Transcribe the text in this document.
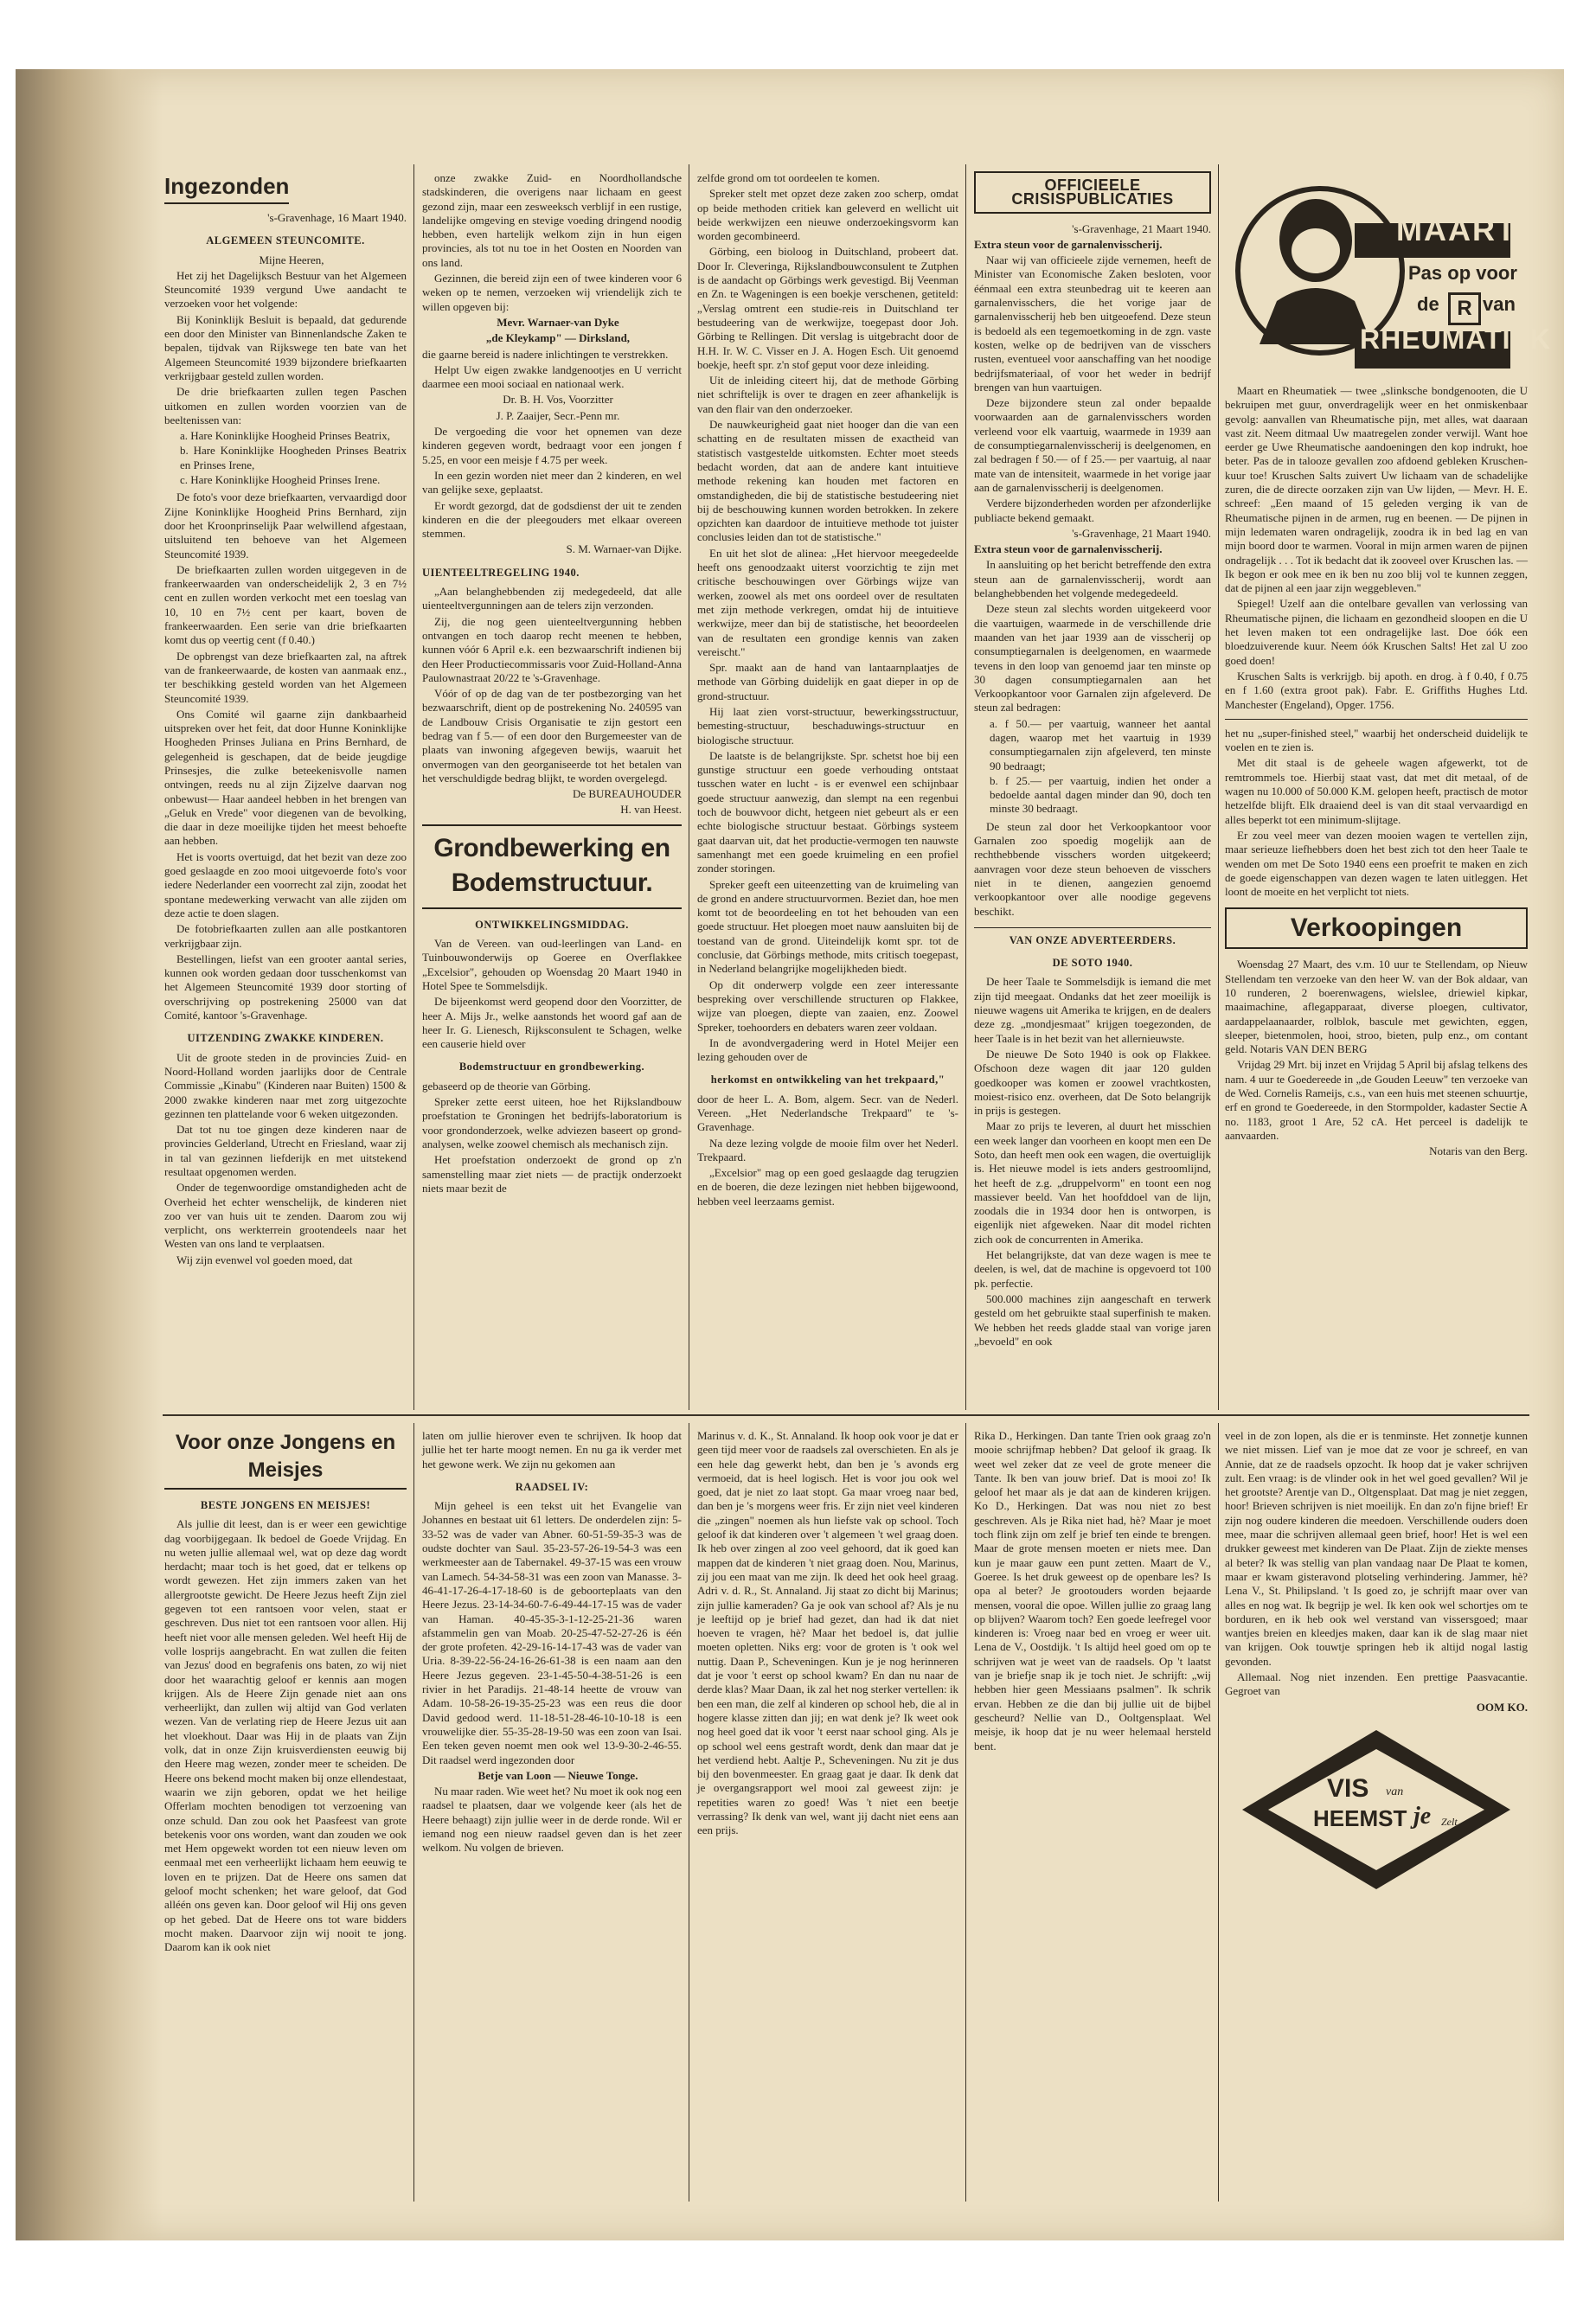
Ingezonden

's-Gravenhage, 16 Maart 1940.

ALGEMEEN STEUNCOMITE.

Mijne Heeren,

Het zij het Dagelijksch Bestuur van het Algemeen Steuncomité 1939 vergund Uwe aandacht te verzoeken voor het volgende:

Bij Koninklijk Besluit is bepaald, dat gedurende een door den Minister van Binnenlandsche Zaken te bepalen, tijdvak van Rijkswege ten bate van het Algemeen Steuncomité 1939 bijzondere briefkaarten verkrijgbaar gesteld zullen worden.

De drie briefkaarten zullen tegen Paschen uitkomen en zullen worden voorzien van de beeltenissen van:

a. Hare Koninklijke Hoogheid Prinses Beatrix,
b. Hare Koninklijke Hoogheden Prinses Beatrix en Prinses Irene,
c. Hare Koninklijke Hoogheid Prinses Irene.

De foto's voor deze briefkaarten, vervaardigd door Zijne Koninklijke Hoogheid Prins Bernhard, zijn door het Kroonprinselijk Paar welwillend afgestaan, uitsluitend ten behoeve van het Algemeen Steuncomité 1939.

De briefkaarten zullen worden uitgegeven in de frankeerwaarden van onderscheidelijk 2, 3 en 7½ cent en zullen worden verkocht met een toeslag van 10, 10 en 7½ cent per kaart, boven de frankeerwaarden. Een serie van drie briefkaarten komt dus op veertig cent (f 0.40.)

De opbrengst van deze briefkaarten zal, na aftrek van de frankeerwaarde, de kosten van aanmaak enz., ter beschikking gesteld worden van het Algemeen Steuncomité 1939.

Ons Comité wil gaarne zijn dankbaarheid uitspreken over het feit, dat door Hunne Koninklijke Hoogheden Prinses Juliana en Prins Bernhard, de gelegenheid is geschapen, dat de beide jeugdige Prinsesjes, die zulke beteekenisvolle namen ontvingen, reeds nu al zijn Zijzelve daarvan nog onbewust— Haar aandeel hebben in het brengen van „Geluk en Vrede" voor diegenen van de bevolking, die daar in deze moeilijke tijden het meest behoefte aan hebben.

Het is voorts overtuigd, dat het bezit van deze zoo goed geslaagde en zoo mooi uitgevoerde foto's voor iedere Nederlander een voorrecht zal zijn, zoodat het spontane medewerking verwacht van alle zijden om deze actie te doen slagen.

De fotobriefkaarten zullen aan alle postkantoren verkrijgbaar zijn.

Bestellingen, liefst van een grooter aantal series, kunnen ook worden gedaan door tusschenkomst van het Algemeen Steuncomité 1939 door storting of overschrijving op postrekening 25000 van dat Comité, kantoor 's-Gravenhage.

UITZENDING ZWAKKE KINDEREN.

Uit de groote steden in de provincies Zuid- en Noord-Holland worden jaarlijks door de Centrale Commissie „Kinabu" (Kinderen naar Buiten) 1500 & 2000 zwakke kinderen naar met zorg uitgezochte gezinnen ten plattelande voor 6 weken uitgezonden.

Dat tot nu toe gingen deze kinderen naar de provincies Gelderland, Utrecht en Friesland, waar zij in tal van gezinnen liefderijk en met uitstekend resultaat opgenomen werden.

Onder de tegenwoordige omstandigheden acht de Overheid het echter wenschelijk, de kinderen niet zoo ver van huis uit te zenden. Daarom zou wij verplicht, ons werkterrein grootendeels naar het Westen van ons land te verplaatsen.

Wij zijn evenwel vol goeden moed, dat

onze zwakke Zuid- en Noordhollandsche stadskinderen, die overigens naar lichaam en geest gezond zijn, maar een zesweeksch verblijf in een rustige, landelijke omgeving en stevige voeding dringend noodig hebben, even hartelijk welkom zijn in hun eigen provincies, als tot nu toe in het Oosten en Noorden van ons land.

Gezinnen, die bereid zijn een of twee kinderen voor 6 weken op te nemen, verzoeken wij vriendelijk zich te willen opgeven bij:

Mevr. Warnaer-van Dyke

„de Kleykamp" — Dirksland,

die gaarne bereid is nadere inlichtingen te verstrekken.

Helpt Uw eigen zwakke landgenootjes en U verricht daarmee een mooi sociaal en nationaal werk.

Dr. B. H. Vos, Voorzitter

J. P. Zaaijer, Secr.-Penn mr.

De vergoeding die voor het opnemen van deze kinderen gegeven wordt, bedraagt voor een jongen f 5.25, en voor een meisje f 4.75 per week.

In een gezin worden niet meer dan 2 kinderen, en wel van gelijke sexe, geplaatst.

Er wordt gezorgd, dat de godsdienst der uit te zenden kinderen en die der pleegouders met elkaar overeen stemmen.

S. M. Warnaer-van Dijke.

UIENTEELTREGELING 1940.

„Aan belanghebbenden zij medegedeeld, dat alle uienteeltvergunningen aan de telers zijn verzonden.

Zij, die nog geen uienteeltvergunning hebben ontvangen en toch daarop recht meenen te hebben, kunnen vóór 6 April e.k. een bezwaarschrift indienen bij den Heer Productiecommissaris voor Zuid-Holland-Anna Paulownastraat 20/22 te 's-Gravenhage.

Vóór of op de dag van de ter postbezorging van het bezwaarschrift, dient op de postrekening No. 240595 van de Landbouw Crisis Organisatie te zijn gestort een bedrag van f 5.— of een door den Burgemeester van de plaats van inwoning afgegeven bewijs, waaruit het onvermogen van den georganiseerde tot het betalen van het verschuldigde bedrag blijkt, te worden overgelegd.

De BUREAUHOUDER

H. van Heest.

Grondbewerking en Bodemstructuur.
ONTWIKKELINGSMIDDAG.

Van de Vereen. van oud-leerlingen van Land- en Tuinbouwonderwijs op Goeree en Overflakkee „Excelsior", gehouden op Woensdag 20 Maart 1940 in Hotel Spee te Sommelsdijk.

De bijeenkomst werd geopend door den Voorzitter, de heer A. Mijs Jr., welke aanstonds het woord gaf aan de heer Ir. G. Lienesch, Rijksconsulent te Schagen, welke een causerie hield over

Bodemstructuur en grondbewerking.

gebaseerd op de theorie van Görbing.

Spreker zette eerst uiteen, hoe het Rijkslandbouw proefstation te Groningen het bedrijfs-laboratorium is voor grondonderzoek, welke adviezen baseert op grond-analysen, welke zoowel chemisch als mechanisch zijn.

Het proefstation onderzoekt de grond op z'n samenstelling maar ziet niets — de practijk onderzoekt niets maar bezit de

zelfde grond om tot oordeelen te komen.

Spreker stelt met opzet deze zaken zoo scherp, omdat op beide methoden critiek kan geleverd en wellicht uit beide werkwijzen een nieuwe onderzoekingsvorm kan worden gecombineerd.

Görbing, een bioloog in Duitschland, probeert dat. Door Ir. Cleveringa, Rijkslandbouwconsulent te Zutphen is de aandacht op Görbings werk gevestigd. Bij Veenman en Zn. te Wageningen is een boekje verschenen, getiteld: „Verslag omtrent een studie-reis in Duitschland ter bestudeering van de werkwijze, toegepast door Joh. Görbing te Rellingen. Dit verslag is uitgebracht door de H.H. Ir. W. C. Visser en J. A. Hogen Esch. Uit genoemd boekje, heeft spr. z'n stof geput voor deze inleiding.

Uit de inleiding citeert hij, dat de methode Görbing niet schriftelijk is over te dragen en zeer afhankelijk is van den flair van den onderzoeker.

De nauwkeurigheid gaat niet hooger dan die van een schatting en de resultaten missen de exactheid van statistisch vastgestelde uitkomsten. Echter moet steeds bedacht worden, dat aan de andere kant intuitieve methode rekening kan houden met factoren en omstandigheden, die bij de statistische bestudeering niet bij de beschouwing kunnen worden betrokken. In zekere opzichten kan daardoor de intuitieve methode tot juister conclusies leiden dan tot de statistische."

En uit het slot de alinea: „Het hiervoor meegedeelde heeft ons genoodzaakt uiterst voorzichtig te zijn met critische beschouwingen over Görbings wijze van werken, zoowel als met ons oordeel over de resultaten met zijn methode verkregen, omdat hij de intuitieve werkwijze, meer dan bij de statistische, het beoordeelen van de resultaten een grondige kennis van zaken vereischt."

Spr. maakt aan de hand van lantaarnplaatjes de methode van Görbing duidelijk en gaat dieper in op de grond-structuur.

Hij laat zien vorst-structuur, bewerkingsstructuur, bemesting-structuur, beschaduwings-structuur en biologische structuur.

De laatste is de belangrijkste. Spr. schetst hoe bij een gunstige structuur een goede verhouding ontstaat tusschen water en lucht - is er evenwel een schijnbaar goede structuur aanwezig, dan slempt na een regenbui toch de bouwvoor dicht, hetgeen niet gebeurt als er een echte biologische structuur bestaat. Görbings systeem gaat daarvan uit, dat het productie-vermogen ten nauwste samenhangt met een goede kruimeling en een profiel zonder storingen.

Spreker geeft een uiteenzetting van de kruimeling van de grond en andere structuurvormen. Beziet dan, hoe men komt tot de beoordeeling en tot het behouden van een goede structuur. Het ploegen moet nauw aansluiten bij de toestand van de grond. Uiteindelijk komt spr. tot de conclusie, dat Görbings methode, mits critisch toegepast, in Nederland belangrijke mogelijkheden biedt.

Op dit onderwerp volgde een zeer interessante bespreking over verschillende structuren op Flakkee, wijze van ploegen, diepte van zaaien, enz. Zoowel Spreker, toehoorders en debaters waren zeer voldaan.

In de avondvergadering werd in Hotel Meijer een lezing gehouden over de

herkomst en ontwikkeling van het trekpaard,"

door de heer L. A. Bom, algem. Secr. van de Nederl. Vereen. „Het Nederlandsche Trekpaard" te 's-Gravenhage.

Na deze lezing volgde de mooie film over het Nederl. Trekpaard.

„Excelsior" mag op een goed geslaagde dag terugzien en de boeren, die deze lezingen niet hebben bijgewoond, hebben veel leerzaams gemist.

OFFICIEELE CRISISPUBLICATIES

's-Gravenhage, 21 Maart 1940.

Extra steun voor de garnalenvisscherij.

Naar wij van officieele zijde vernemen, heeft de Minister van Economische Zaken besloten, voor éénmaal een extra steunbedrag uit te keeren aan garnalenvisschers, die het vorige jaar de garnalenvisscherij heb ben uitgeoefend. Deze steun is bedoeld als een tegemoetkoming in de zgn. vaste kosten, welke op de bedrijven van de visschers rusten, eventueel voor aanschaffing van het noodige bedrijfsmateriaal, of voor het weder in bedrijf brengen van hun vaartuigen.

Deze bijzondere steun zal onder bepaalde voorwaarden aan de garnalenvisschers worden verleend voor elk vaartuig, waarmede in 1939 aan de consumptiegarnalenvisscherij is deelgenomen, en zal bedragen f 50.— of f 25.— per vaartuig, al naar mate van de intensiteit, waarmede in het vorige jaar aan de garnalenvisscherij is deelgenomen.

Verdere bijzonderheden worden per afzonderlijke publiacte bekend gemaakt.

's-Gravenhage, 21 Maart 1940.

Extra steun voor de garnalenvisscherij.

In aansluiting op het bericht betreffende den extra steun aan de garnalenvisscherij, wordt aan belanghebbenden het volgende medegedeeld.

Deze steun zal slechts worden uitgekeerd voor die vaartuigen, waarmede in de verschillende drie maanden van het jaar 1939 aan de visscherij op consumptiegarnalen is deelgenomen, en waarmede tevens in den loop van genoemd jaar ten minste op 30 dagen consumptiegarnalen aan het Verkoopkantoor voor Garnalen zijn afgeleverd. De steun zal bedragen:

a. f 50.— per vaartuig, wanneer het aantal dagen, waarop met het vaartuig in 1939 consumptiegarnalen zijn afgeleverd, ten minste 90 bedraagt;
b. f 25.— per vaartuig, indien het onder a bedoelde aantal dagen minder dan 90, doch ten minste 30 bedraagt.

De steun zal door het Verkoopkantoor voor Garnalen zoo spoedig mogelijk aan de rechthebbende visschers worden uitgekeerd; aanvragen voor deze steun behoeven de visschers niet in te dienen, aangezien genoemd verkoopkantoor over alle noodige gegevens beschikt.

VAN ONZE ADVERTEERDERS.
DE SOTO 1940.

De heer Taale te Sommelsdijk is iemand die met zijn tijd meegaat. Ondanks dat het zeer moeilijk is nieuwe wagens uit Amerika te krijgen, en de dealers deze zg. „mondjesmaat" krijgen toegezonden, de heer Taale is in het bezit van het allernieuwste.

De nieuwe De Soto 1940 is ook op Flakkee. Ofschoon deze wagen dit jaar 120 gulden goedkooper was komen er zoowel vrachtkosten, moiest-risico enz. overheen, dat De Soto belangrijk in prijs is gestegen.

Maar zo prijs te leveren, al duurt het misschien een week langer dan voorheen en koopt men een De Soto, dan heeft men ook een wagen, die overtuiglijk is. Het nieuwe model is iets anders gestroomlijnd, het heeft de z.g. „druppelvorm" en toont een nog massiever beeld. Van het hoofddoel van de lijn, zoodals die in 1934 door hen is ontworpen, is eigenlijk niet afgeweken. Naar dit model richten zich ook de concurrenten in Amerika.

Het belangrijkste, dat van deze wagen is mee te deelen, is wel, dat de machine is opgevoerd tot 100 pk. perfectie.

500.000 machines zijn aangeschaft en terwerk gesteld om het gebruikte staal superfinish te maken. We hebben het reeds gladde staal van vorige jaren „bevoeld" en ook

MAART
Pas op voor
de R van
RHEUMATIEK

Maart en Rheumatiek — twee „slinksche bondgenooten, die U bekruipen met guur, onverdragelijk weer en het onmiskenbaar gevolg: aanvallen van Rheumatische pijn, met alles, wat daaraan vast zit. Neem ditmaal Uw maatregelen zonder verwijl. Want hoe eerder ge Uwe Rheumatische aandoeningen den kop indrukt, hoe beter. Pas de in talooze gevallen zoo afdoend gebleken Kruschen-kuur toe! Kruschen Salts zuivert Uw lichaam van de schadelijke zuren, die de directe oorzaken zijn van Uw lijden, — Mevr. H. E. schreef: „Een maand of 15 geleden verging ik van de Rheumatische pijnen in de armen, rug en beenen. — De pijnen in mijn ledematen waren ondragelijk, zoodra ik in bed lag en van mijn boord door te warmen. Vooral in mijn armen waren de pijnen ondragelijk . . . Tot ik bedacht dat ik zooveel over Kruschen las. — Ik begon er ook mee en ik ben nu zoo blij vol te kunnen zeggen, dat de pijnen al een jaar zijn weggebleven."

Spiegel! Uzelf aan die ontelbare gevallen van verlossing van Rheumatische pijnen, die lichaam en gezondheid sloopen en die U het leven maken tot een ondragelijke last. Doe óók een bloedzuiverende kuur. Neem óók Kruschen Salts! Het zal U zoo goed doen!

Kruschen Salts is verkrijgb. bij apoth. en drog. à f 0.40, f 0.75 en f 1.60 (extra groot pak). Fabr. E. Griffiths Hughes Ltd. Manchester (Engeland), Opger. 1756.

het nu „super-finished steel," waarbij het onderscheid duidelijk te voelen en te zien is.

Met dit staal is de geheele wagen afgewerkt, tot de remtrommels toe. Hierbij staat vast, dat met dit metaal, of de wagen nu 10.000 of 50.000 K.M. gelopen heeft, practisch de motor hetzelfde blijft. Elk draaiend deel is van dit staal vervaardigd en alles beperkt tot een minimum-slijtage.

Er zou veel meer van dezen mooien wagen te vertellen zijn, maar serieuze liefhebbers doen het best zich tot den heer Taale te wenden om met De Soto 1940 eens een proefrit te maken en zich de goede eigenschappen van dezen wagen te laten uitleggen. Het loont de moeite en het verplicht tot niets.

Verkoopingen

Woensdag 27 Maart, des v.m. 10 uur te Stellendam, op Nieuw Stellendam ten verzoeke van den heer W. van der Bok aldaar, van 10 runderen, 2 boerenwagens, wielslee, driewiel kipkar, maaimachine, aflegapparaat, diverse ploegen, cultivator, aardappelaanaarder, rolblok, bascule met gewichten, eggen, sleeper, bietenmolen, hooi, stroo, bieten, pulp enz., om contant geld. Notaris VAN DEN BERG

Vrijdag 29 Mrt. bij inzet en Vrijdag 5 April bij afslag telkens des nam. 4 uur te Goedereede in „de Gouden Leeuw" ten verzoeke van de Wed. Cornelis Rameijs, c.s., van een huis met steenen schuurtje, erf en grond te Goedereede, in den Stormpolder, kadaster Sectie A no. 1183, groot 1 Are, 52 cA. Het perceel is dadelijk te aanvaarden.

Notaris van den Berg.

Voor onze Jongens en Meisjes
BESTE JONGENS EN MEISJES!

Als jullie dit leest, dan is er weer een gewichtige dag voorbijgegaan. Ik bedoel de Goede Vrijdag. En nu weten jullie allemaal wel, wat op deze dag wordt herdacht; maar toch is het goed, dat er telkens op wordt gewezen. Het zijn immers zaken van het allergrootste gewicht. De Heere Jezus heeft Zijn ziel gegeven tot een rantsoen voor velen, staat er geschreven. Dus niet tot een rantsoen voor allen. Hij heeft niet voor alle mensen geleden. Wel heeft Hij de volle losprijs aangebracht. En wat zullen die feiten van Jezus' dood en begrafenis ons baten, zo wij niet door het waarachtig geloof er kennis aan mogen krijgen. Als de Heere Zijn genade niet aan ons verheerlijkt, dan zullen wij altijd van God verlaten wezen. Van de verlating riep de Heere Jezus uit aan het vloekhout. Daar was Hij in de plaats van Zijn volk, dat in onze Zijn kruisverdiensten eeuwig bij den Heere mag wezen, zonder meer te scheiden. De Heere ons bekend mocht maken bij onze ellendestaat, waarin we zijn geboren, opdat we het heilige Offerlam mochten benodigen tot verzoening van onze schuld. Dan zou ook het Paasfeest van grote betekenis voor ons worden, want dan zouden we ook met Hem opgewekt worden tot een nieuw leven om eenmaal met een verheerlijkt lichaam hem eeuwig te loven en te prijzen. Dat de Heere ons samen dat geloof mocht schenken; het ware geloof, dat God alléén ons geven kan. Door geloof wil Hij ons geven op het gebed. Dat de Heere ons tot ware bidders mocht maken. Daarvoor zijn wij nooit te jong. Daarom kan ik ook niet

laten om jullie hierover even te schrijven. Ik hoop dat jullie het ter harte moogt nemen. En nu ga ik verder met het gewone werk. We zijn nu gekomen aan

RAADSEL IV:

Mijn geheel is een tekst uit het Evangelie van Johannes en bestaat uit 61 letters. De onderdelen zijn: 5-33-52 was de vader van Abner. 60-51-59-35-3 was de oudste dochter van Saul. 35-23-57-26-19-54-3 was een werkmeester aan de Tabernakel. 49-37-15 was een vrouw van Lamech. 54-34-58-31 was een zoon van Manasse. 3-46-41-17-26-4-17-18-60 is de geboorteplaats van den Heere Jezus. 23-14-34-60-7-6-49-44-17-15 was de vader van Haman. 40-45-35-3-1-12-25-21-36 waren afstammelin gen van Moab. 20-25-47-52-27-26 is één der grote profeten. 42-29-16-14-17-43 was de vader van Uria. 8-39-22-56-24-16-26-61-38 is een naam aan den Heere Jezus gegeven. 23-1-45-50-4-38-51-26 is een rivier in het Paradijs. 21-48-14 heette de vrouw van Adam. 10-58-26-19-35-25-23 was een reus die door David gedood werd. 11-18-51-28-46-10-10-18 is een vrouwelijke dier. 55-35-28-19-50 was een zoon van Isai. Een teken geven noemt men ook wel 13-9-30-2-46-55. Dit raadsel werd ingezonden door

Betje van Loon — Nieuwe Tonge.

Nu maar raden. Wie weet het? Nu moet ik ook nog een raadsel te plaatsen, daar we volgende keer (als het de Heere behaagt) zijn jullie weer in de derde ronde. Wil er iemand nog een nieuw raadsel geven dan is het zeer welkom. Nu volgen de brieven.

Marinus v. d. K., St. Annaland. Ik hoop ook voor je dat er geen tijd meer voor de raadsels zal overschieten. En als je een hele dag gewerkt hebt, dan ben je 's avonds erg vermoeid, dat is heel logisch. Het is voor jou ook wel goed, dat je niet zo laat stopt. Ga maar vroeg naar bed, dan ben je 's morgens weer fris. Er zijn niet veel kinderen die „zingen" noemen als hun liefste vak op school. Toch geloof ik dat kinderen over 't algemeen 't wel graag doen. Ik heb over zingen al zoo veel gehoord, dat ik goed kan mappen dat de kinderen 't niet graag doen. Nou, Marinus, zij jou een maat van me zijn. Ik deed het ook heel graag. Adri v. d. R., St. Annaland. Jij staat zo dicht bij Marinus; zijn jullie kameraden? Ga je ook van school af? Als je nu je leeftijd op je brief had gezet, dan had ik dat niet hoeven te vragen, hè? Maar het bedoel is, dat jullie moeten opletten. Niks erg: voor de groten is 't ook wel nuttig. Daan P., Scheveningen. Kun je je nog herinneren dat je voor 't eerst op school kwam? En dan nu naar de derde klas? Maar Daan, ik zal het nog sterker vertellen: ik ben een man, die zelf al kinderen op school heb, die al in hogere klasse zitten dan jij; en wat denk je? Ik weet ook nog heel goed dat ik voor 't eerst naar school ging. Als je op school wel eens gestraft wordt, denk dan maar dat je het verdiend hebt. Aaltje P., Scheveningen. Nu zit je dus bij den bovenmeester. En graag gaat je daar. Ik denk dat je overgangsrapport wel mooi zal geweest zijn: je repetities waren zo goed! Was 't niet een beetje verrassing? Ik denk van wel, want jij dacht niet eens aan een prijs.

Rika D., Herkingen. Dan tante Trien ook graag zo'n mooie schrijfmap hebben? Dat geloof ik graag. Ik weet wel zeker dat ze veel de grote meneer die Tante. Ik ben van jouw brief. Dat is mooi zo! Ik geloof het maar als je dat aan de kinderen krijgen. Ko D., Herkingen. Dat was nou niet zo best geschreven. Als je Rika niet had, hè? Maar je moet toch flink zijn om zelf je brief ten einde te brengen. Maar de grote mensen moeten er niets mee. Dan kun je maar gauw een punt zetten. Maart de V., Goeree. Is het druk geweest op de openbare les? Is opa al beter? Je grootouders worden bejaarde mensen, vooral die opoe. Willen jullie zo graag lang op blijven? Waarom toch? Een goede leefregel voor kinderen is: Vroeg naar bed en vroeg er weer uit. Lena de V., Oostdijk. 't Is altijd heel goed om op te schrijven wat je weet van de raadsels. Op 't laatst van je briefje snap ik je toch niet. Je schrijft: „wij hebben hier geen Messiaans psalmen". Ik schrik ervan. Hebben ze die dan bij jullie uit de bijbel gescheurd? Nellie van D., Ooltgensplaat. Wel meisje, ik hoop dat je nu weer helemaal hersteld bent.

veel in de zon lopen, als die er is tenminste. Het zonnetje kunnen we niet missen. Lief van je moe dat ze voor je schreef, en van Annie, dat ze de raadsels opzocht. Ik hoop dat je vaker schrijven zult. Een vraag: is de vlinder ook in het wel goed gevallen? Wil je het grootste? Arentje van D., Oltgensplaat. Dat mag je niet zeggen, hoor! Brieven schrijven is niet moeilijk. En dan zo'n fijne brief! Er zijn nog oudere kinderen die meedoen. Verschillende ouders doen mee, maar die schrijven allemaal geen brief, hoor! Het is wel een drukker geweest met kinderen van De Plaat. Zijn de ziekte menses al beter? Ik was stellig van plan vandaag naar De Plaat te komen, maar er kwam gisteravond plotseling verhindering. Jammer, hè? Lena V., St. Philipsland. 't Is goed zo, je schrijft maar over van alles en nog wat. Ik begrijp je wel. Ik ken ook wel schortjes om te borduren, en ik heb ook wel verstand van vissersgoed; maar wantjes breien en kleedjes maken, daar kan ik de slag maar niet van krijgen. Ook touwtje springen heb ik altijd nogal lastig gevonden.

Allemaal. Nog niet inzenden. Een prettige Paasvacantie. Gegroet van

OOM KO.

VIS van
HEEMST je Zelt
